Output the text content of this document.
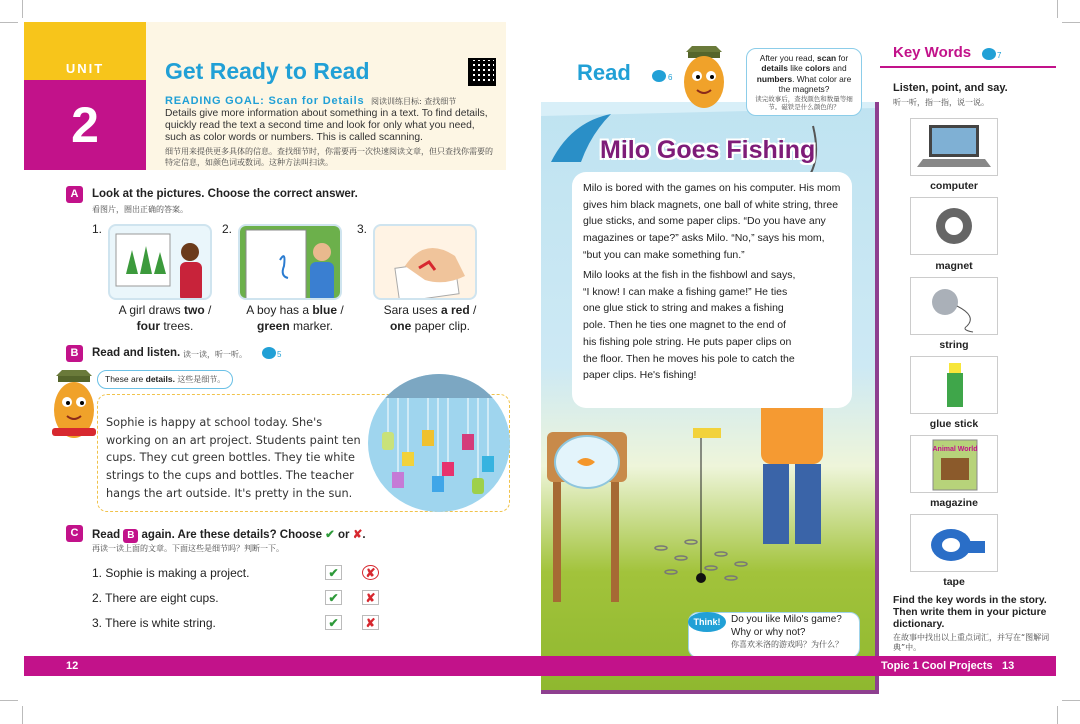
UNIT
2
Get Ready to Read
READING GOAL: Scan for Details 阅读训练目标: 查找细节
Details give more information about something in a text. To find details, quickly read the text a second time and look for only what you need, such as color words or numbers. This is called scanning.
细节用来提供更多具体的信息。查找细节时，你需要再一次快速阅读文章，但只查找你需要的特定信息，如颜色词或数词。这种方法叫扫读。
A	Look at the pictures. Choose the correct answer.
看图片，圈出正确的答案。
1.
A girl draws two /
four trees.
2.
A boy has a blue /
green marker.
3.
Sara uses a red /
one paper clip.
B	Read and listen. 读一读，听一听。	5
These are details. 这些是细节。
Sophie is happy at school today. She's working on an art project. Students paint ten cups. They cut green bottles. They tie white strings to the cups and bottles. The teacher hangs the art outside. It's pretty in the sun.
C	Read B again. Are these details? Choose ✔ or ✘.
再读一读上面的文章。下面这些是细节吗？判断一下。
1. Sophie is making a project.	✔ ✘
2. There are eight cups.	✔ ✘
3. There is white string.	✔ ✘
12
Read	6
After you read, scan for details like colors and numbers. What color are the magnets?
读完故事后，查找颜色和数量等细节。磁铁是什么颜色的？
Milo Goes Fishing
Milo is bored with the games on his computer. His mom gives him black magnets, one ball of white string, three glue sticks, and some paper clips. “Do you have any magazines or tape?” asks Milo. “No,” says his mom, “but you can make something fun.”
Milo looks at the fish in the fishbowl and says, “I know! I can make a fishing game!” He ties one glue stick to string and makes a fishing pole. Then he ties one magnet to the end of his fishing pole string. He puts paper clips on the floor. Then he moves his pole to catch the paper clips. He's fishing!
Think!	Do you like Milo's game?
Why or why not?
你喜欢米洛的游戏吗？为什么？
Key Words	7
Listen, point, and say.
听一听，指一指，说一说。
computer
magnet
string
glue stick
Animal World
magazine
tape
Find the key words in the story. Then write them in your picture dictionary.
在故事中找出以上重点词汇，并写在“图解词典”中。
Topic 1 Cool Projects 13
